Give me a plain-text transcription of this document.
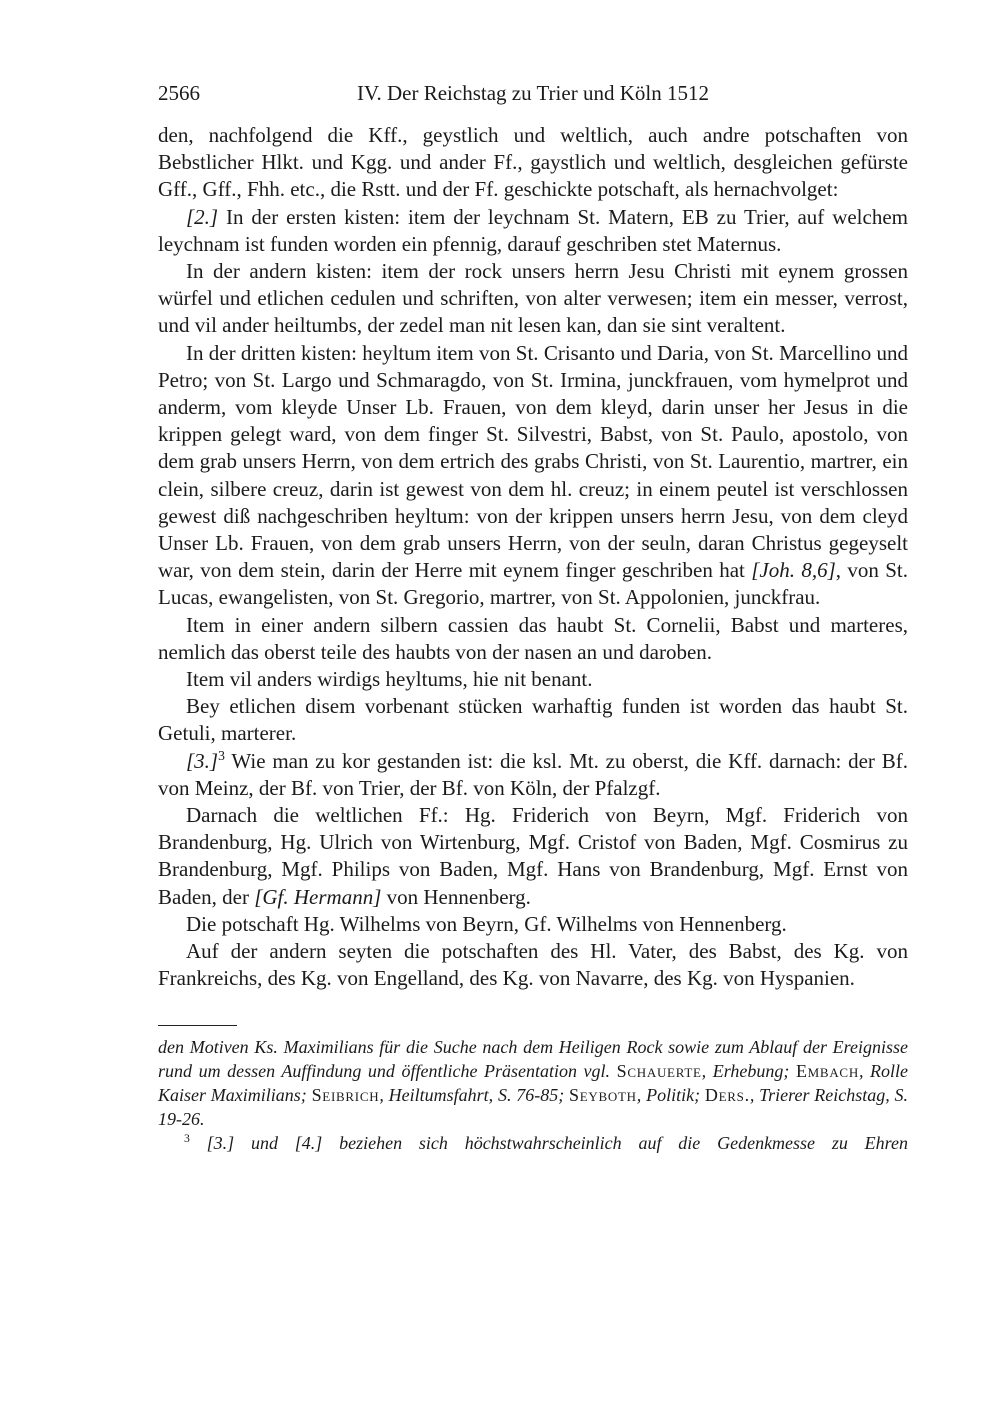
2566	IV. Der Reichstag zu Trier und Köln 1512

den, nachfolgend die Kff., geystlich und weltlich, auch andre potschaften von Bebstlicher Hlkt. und Kgg. und ander Ff., gaystlich und weltlich, desgleichen gefürste Gff., Gff., Fhh. etc., die Rstt. und der Ff. geschickte potschaft, als hernachvolget:

[2.] In der ersten kisten: item der leychnam St. Matern, EB zu Trier, auf welchem leychnam ist funden worden ein pfennig, darauf geschriben stet Maternus.

In der andern kisten: item der rock unsers herrn Jesu Christi mit eynem grossen würfel und etlichen cedulen und schriften, von alter verwesen; item ein messer, verrost, und vil ander heiltumbs, der zedel man nit lesen kan, dan sie sint veraltent.

In der dritten kisten: heyltum item von St. Crisanto und Daria, von St. Marcellino und Petro; von St. Largo und Schmaragdo, von St. Irmina, junckfrauen, vom hymelprot und anderm, vom kleyde Unser Lb. Frauen, von dem kleyd, darin unser her Jesus in die krippen gelegt ward, von dem finger St. Silvestri, Babst, von St. Paulo, apostolo, von dem grab unsers Herrn, von dem ertrich des grabs Christi, von St. Laurentio, martrer, ein clein, silbere creuz, darin ist gewest von dem hl. creuz; in einem peutel ist verschlossen gewest diß nachgeschriben heyltum: von der krippen unsers herrn Jesu, von dem cleyd Unser Lb. Frauen, von dem grab unsers Herrn, von der seuln, daran Christus gegeyselt war, von dem stein, darin der Herre mit eynem finger geschriben hat [Joh. 8,6], von St. Lucas, ewangelisten, von St. Gregorio, martrer, von St. Appolonien, junckfrau.

Item in einer andern silbern cassien das haubt St. Cornelii, Babst und marteres, nemlich das oberst teile des haubts von der nasen an und daroben.

Item vil anders wirdigs heyltums, hie nit benant.

Bey etlichen disem vorbenant stücken warhaftig funden ist worden das haubt St. Getuli, marterer.

$[3.]^3$ Wie man zu kor gestanden ist: die ksl. Mt. zu oberst, die Kff. darnach: der Bf. von Meinz, der Bf. von Trier, der Bf. von Köln, der Pfalzgf.

Darnach die weltlichen Ff.: Hg. Friderich von Beyrn, Mgf. Friderich von Brandenburg, Hg. Ulrich von Wirtenburg, Mgf. Cristof von Baden, Mgf. Cosmirus zu Brandenburg, Mgf. Philips von Baden, Mgf. Hans von Brandenburg, Mgf. Ernst von Baden, der [Gf. Hermann] von Hennenberg.

Die potschaft Hg. Wilhelms von Beyrn, Gf. Wilhelms von Hennenberg.

Auf der andern seyten die potschaften des Hl. Vater, des Babst, des Kg. von Frankreichs, des Kg. von Engelland, des Kg. von Navarre, des Kg. von Hyspanien.

den Motiven Ks. Maximilians für die Suche nach dem Heiligen Rock sowie zum Ablauf der Ereignisse rund um dessen Auffindung und öffentliche Präsentation vgl. Schauerte, Erhebung; Embach, Rolle Kaiser Maximilians; Seibrich, Heiltumsfahrt, S. 76-85; Seyboth, Politik; Ders., Trierer Reichstag, S. 19-26.

$^3$ [3.] und [4.] beziehen sich höchstwahrscheinlich auf die Gedenkmesse zu Ehren
